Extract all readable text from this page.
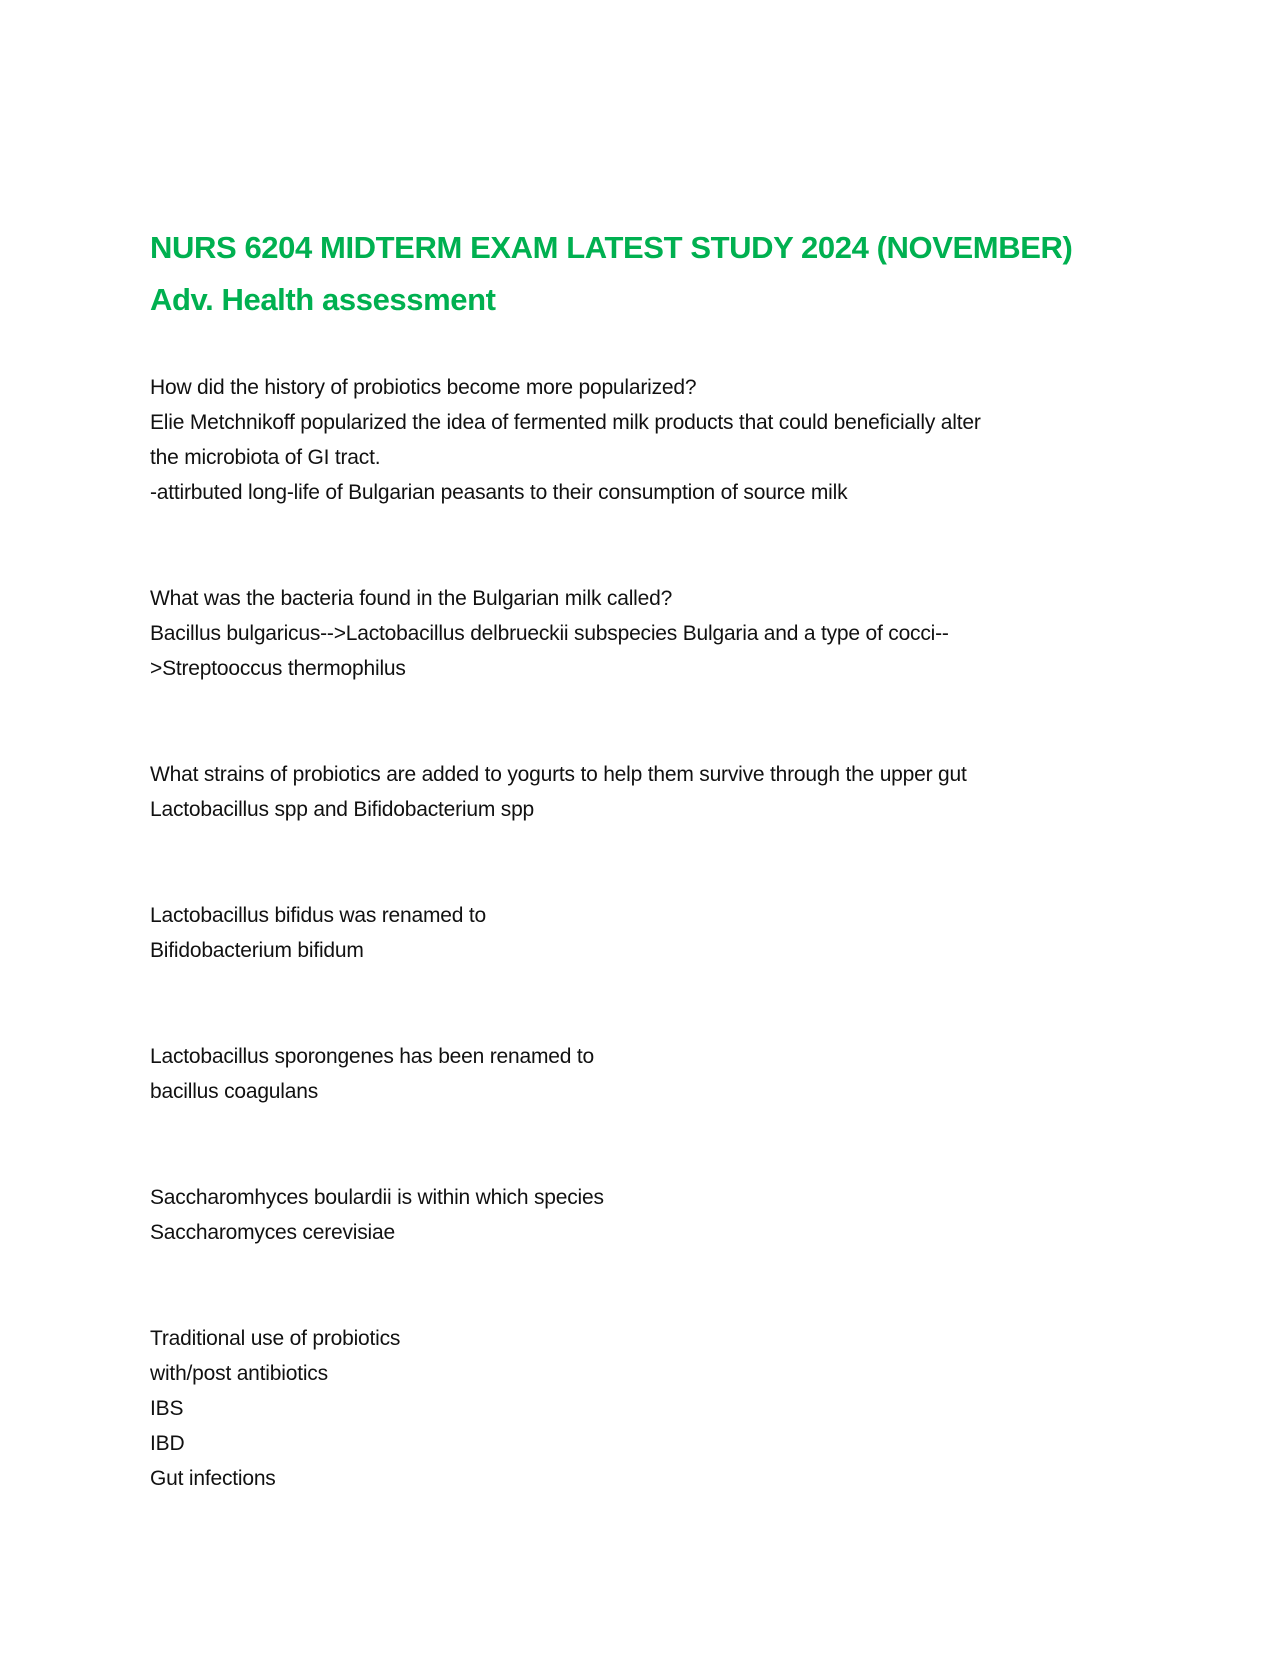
NURS 6204 MIDTERM EXAM LATEST STUDY 2024 (NOVEMBER)
Adv. Health assessment

How did the history of probiotics become more popularized?

Elie Metchnikoff popularized the idea of fermented milk products that could beneficially alter

the microbiota of GI tract.

-attirbuted long-life of Bulgarian peasants to their consumption of source milk

What was the bacteria found in the Bulgarian milk called?

Bacillus bulgaricus-->Lactobacillus delbrueckii subspecies Bulgaria and a type of cocci--

>Streptooccus thermophilus

What strains of probiotics are added to yogurts to help them survive through the upper gut

Lactobacillus spp and Bifidobacterium spp

Lactobacillus bifidus was renamed to

Bifidobacterium bifidum

Lactobacillus sporongenes has been renamed to

bacillus coagulans

Saccharomhyces boulardii is within which species

Saccharomyces cerevisiae

Traditional use of probiotics

with/post antibiotics

IBS

IBD

Gut infections
